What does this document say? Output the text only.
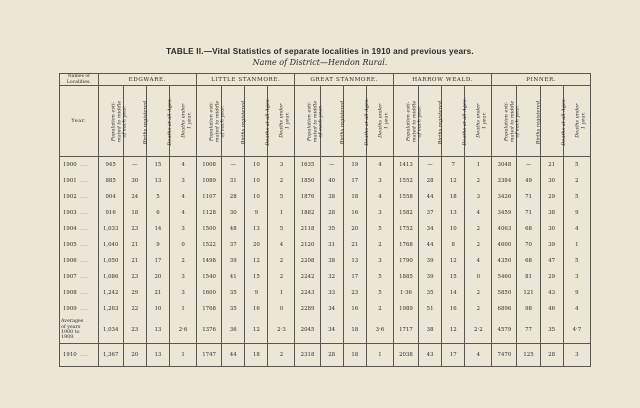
TABLE II.—Vital Statistics of separate localities in 1910 and previous years.
Name of District—Hendon Rural.
Names of Localities.	EDGWARE.				LITTLE STANMORE.				GREAT STANMORE.				HARROW WEALD.				PINNER.			
Year.	Population esti-
mated to middle
of each year.	Births registered.	Deaths at all Ages.	Deaths under
1 year.	Population esti-
mated to middle
of each year.	Births registered.	Deaths at all Ages.	Deaths under
1 year.	Population esti-
mated to middle
of each year.	Births registered.	Deaths at all Ages.	Deaths under
1 year.	Population esti-
mated to middle
of each year.	Births registered.	Deaths at all Ages.	Deaths under
1 year.	Population esti-
mated to middle
of each year.	Births registered.	Deaths at all Ages.	Deaths under
1 year.
1900 ...	945	—	15	4	1008	—	10	3	1635	—	19	4	1413	—	7	1	3048	—	21	5
1901 ...	885	30	13	3	1089	31	10	2	1850	40	17	3	1552	28	12	2	3384	49	30	2
1902 ...	904	24	5	4	1107	28	10	5	1876	38	18	4	1558	44	18	3	3426	71	29	5
1903 ...	916	18	6	4	1128	30	9	1	1882	28	16	3	1582	37	13	4	3459	71	38	9
1904 ...	1,033	23	14	3	1500	48	13	5	2118	35	20	5	1752	34	10	2	4063	68	30	4
1905 ...	1,040	21	9	0	1522	37	20	4	2120	31	21	2	1768	44	8	2	4600	70	39	1
1906 ...	1,050	21	17	2	1498	39	12	2	2208	38	13	3	1790	39	12	4	4350	68	47	5
1907 ...	1,086	23	20	3	1540	41	15	2	2242	32	17	5	1885	39	15	0	5460	81	29	3
1908 ...	1,242	29	21	3	1600	35	9	1	2243	33	23	5	1·36	35	14	2	5850	121	43	9
1909 ...	1,263	22	10	1	1768	35	16	0	2289	34	16	2	1989	51	16	2	6896	98	46	4
Averages
of years
1900 to
1909.	1,034	23	13	2·6	1376	36	12	2·3	2045	34	18	3·6	1717	38	12	2·2	4579	77	35	4·7
1910 ...	1,367	20	13	1	1747	44	18	2	2318	28	18	1	2038	43	17	4	7470	125	28	3
